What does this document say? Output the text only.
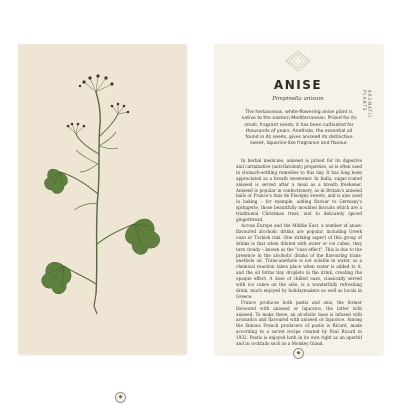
◆
AROMATIC PLANTS
ANISE
Pimpinella anisum
The herbaceous, white-flowering anise plant is native to the eastern Mediterranean. Prized for its small, fragrant seeds, it has been cultivated for thousands of years. Anethole, the essential oil found in its seeds, gives aniseed its distinctive sweet, liquorice-like fragrance and flavour.

In herbal medicine, aniseed is prized for its digestive and carminative (anti-flatulent) properties, so is often used in stomach-settling remedies to this day. It has long been appreciated as a breath sweetener. In India, sugar-coated aniseed is served after a meal as a breath freshener. Aniseed is popular in confectionery, as in Britain's aniseed balls or France's Anis de Flavigny sweets, and is also used in baking – for example, adding flavour to Germany's springerle, those beautifully moulded biscuits which are a traditional Christmas treat, and to delicately spiced gingerbread.

Across Europe and the Middle East, a number of anise-flavoured alcoholic drinks are popular, including Greek ouzo or Turkish raki. One striking aspect of this group of drinks is that when diluted with water or ice cubes, they turn cloudy – known as the "ouzo effect". This is due to the presence in the alcoholic drinks of the flavouring trans-anethole oil. Trans-anethole is not soluble in water, so a chemical reaction takes place when water is added to it, and the oil forms tiny droplets in the drink, creating the opaque effect. A dose of chilled ouzo, classically served with ice cubes on the side, is a wonderfully refreshing drink, much enjoyed by holidaymakers as well as locals in Greece.

France produces both pastis and anis, the former flavoured with aniseed or liquorice, the latter with aniseed. To make these, an alcoholic base is infused with aromatics and flavoured with aniseed or liquorice. Among the famous French producers of pastis is Ricard, made according to a secret recipe created by Paul Ricard in 1932. Pastis is enjoyed both in its own right as an aperitif and in cocktails such as a Monkey Gland.

◆
